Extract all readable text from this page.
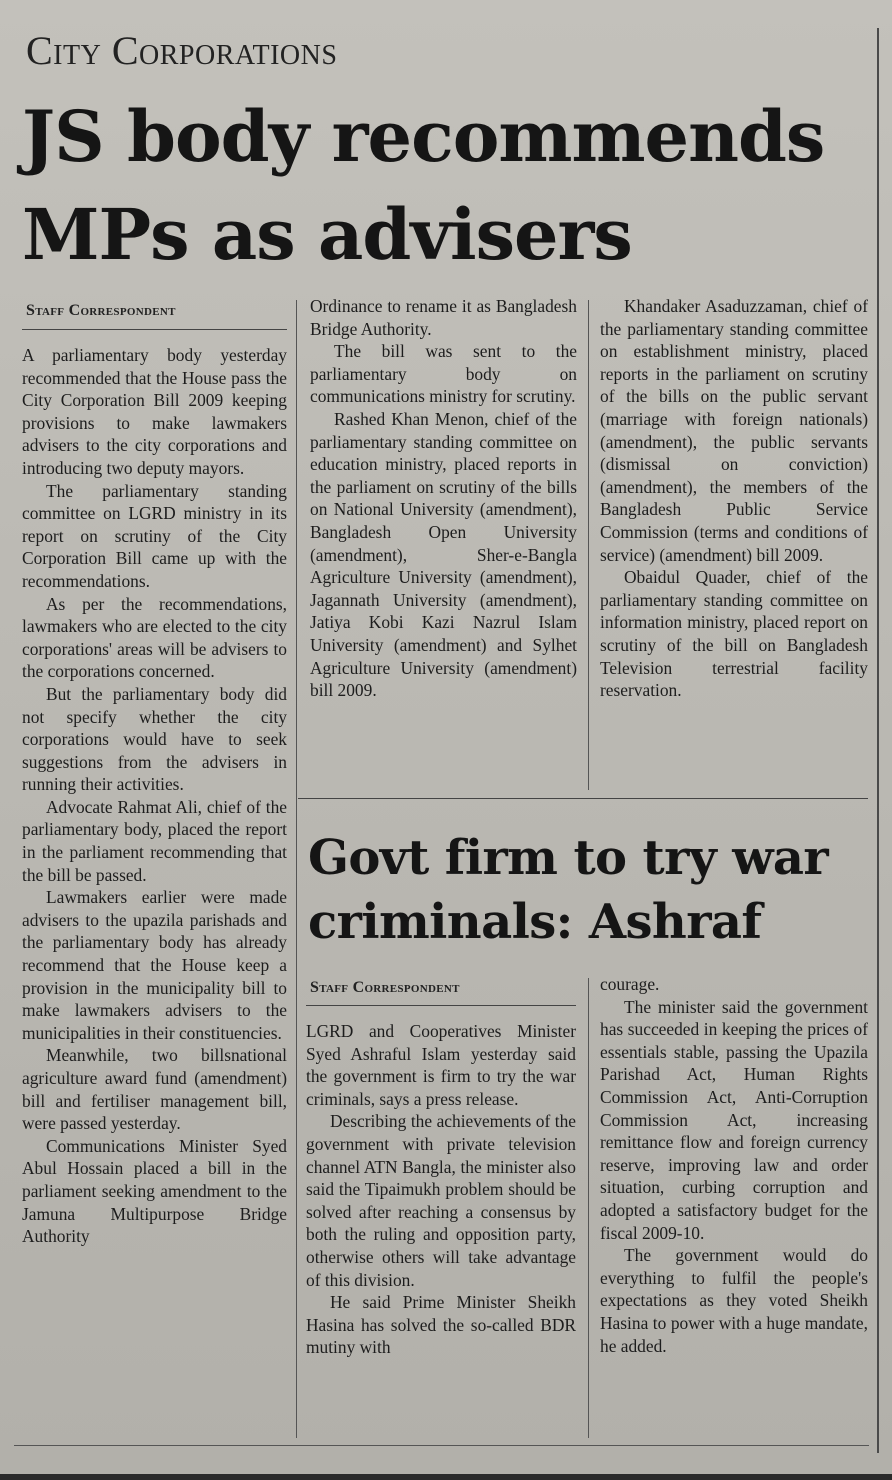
City Corporations
JS body recommends
MPs as advisers
Staff Correspondent

A parliamentary body yesterday recommended that the House pass the City Corporation Bill 2009 keeping provisions to make lawmakers advisers to the city corporations and introducing two deputy mayors.

The parliamentary standing committee on LGRD ministry in its report on scrutiny of the City Corporation Bill came up with the recommendations.

As per the recommendations, lawmakers who are elected to the city corporations' areas will be advisers to the corporations concerned.

But the parliamentary body did not specify whether the city corporations would have to seek suggestions from the advisers in running their activities.

Advocate Rahmat Ali, chief of the parliamentary body, placed the report in the parliament recommending that the bill be passed.

Lawmakers earlier were made advisers to the upazila parishads and the parliamentary body has already recommend that the House keep a provision in the municipality bill to make lawmakers advisers to the municipalities in their constituencies.

Meanwhile, two billsnational agriculture award fund (amendment) bill and fertiliser management bill, were passed yesterday.

Communications Minister Syed Abul Hossain placed a bill in the parliament seeking amendment to the Jamuna Multipurpose Bridge Authority

Ordinance to rename it as Bangladesh Bridge Authority.

The bill was sent to the parliamentary body on communications ministry for scrutiny.

Rashed Khan Menon, chief of the parliamentary standing committee on education ministry, placed reports in the parliament on scrutiny of the bills on National University (amendment), Bangladesh Open University (amendment), Sher-e-Bangla Agriculture University (amendment), Jagannath University (amendment), Jatiya Kobi Kazi Nazrul Islam University (amendment) and Sylhet Agriculture University (amendment) bill 2009.

Khandaker Asaduzzaman, chief of the parliamentary standing committee on establishment ministry, placed reports in the parliament on scrutiny of the bills on the public servant (marriage with foreign nationals) (amendment), the public servants (dismissal on conviction) (amendment), the members of the Bangladesh Public Service Commission (terms and conditions of service) (amendment) bill 2009.

Obaidul Quader, chief of the parliamentary standing committee on information ministry, placed report on scrutiny of the bill on Bangladesh Television terrestrial facility reservation.

Govt firm to try war
criminals: Ashraf
Staff Correspondent

LGRD and Cooperatives Minister Syed Ashraful Islam yesterday said the government is firm to try the war criminals, says a press release.

Describing the achievements of the government with private television channel ATN Bangla, the minister also said the Tipaimukh problem should be solved after reaching a consensus by both the ruling and opposition party, otherwise others will take advantage of this division.

He said Prime Minister Sheikh Hasina has solved the so-called BDR mutiny with

courage.

The minister said the government has succeeded in keeping the prices of essentials stable, passing the Upazila Parishad Act, Human Rights Commission Act, Anti-Corruption Commission Act, increasing remittance flow and foreign currency reserve, improving law and order situation, curbing corruption and adopted a satisfactory budget for the fiscal 2009-10.

The government would do everything to fulfil the people's expectations as they voted Sheikh Hasina to power with a huge mandate, he added.
